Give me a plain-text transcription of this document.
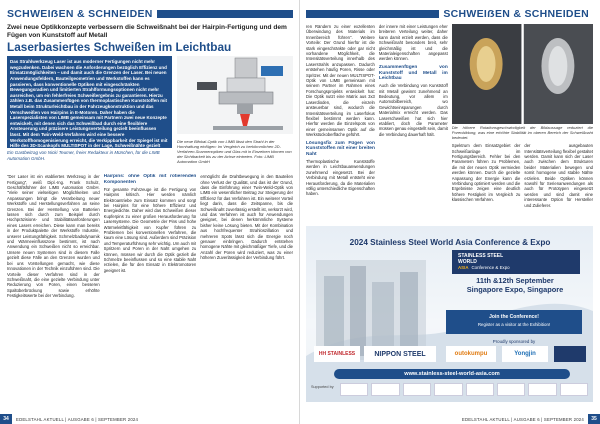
SCHWEIẞEN & SCHNEIDEN
Zwei neue Optikkonzepte verbessern die Schweißnaht bei der Hairpin-Fertigung und dem Fügen von Kunststoff auf Metall
Laserbasiertes Schweißen im Leichtbau
Das Strahlwerkzeug Laser ist aus moderner Fertigungen nicht mehr wegzudenken. Dabei wachsen die Anforderungen bezüglich Effizienz und Einsatzmöglichkeiten – und damit auch die Grenzen der Laser. Bei neuen Anwendungsfeldern, Bauteilgeometrien und Werkstoffen kann es passieren, dass konventionelle Optiken mit eingeschränkten Bewegungsradien und limitierten Strahlformungsoptionen nicht mehr ausreichen, um ein fehlerfreies Schweißergebnis zu garantieren. Hierzu zählen z.B. das Zusammenfügen von thermoplastischen Kunststoffen mit Metall beim Strukturleichtbau in der Fahrzeugkonstruktion und das Verschweißen von Hairpins in E-Motoren. Daher haben die Laserspezialisten von LIMB gemeinsam mit Partnern zwei neue Konzepte entwickelt, mit denen sich das Schweißbad durch eine flexiblere Ansteuerung und präzisere Leistungsverteilung gezielt beeinflussen lässt. Mit dem Twin-Weld-Verfahren wird eine bessere Werkstoffhomogenisierung erreicht, die Verkippbarkeit der Spiegel ist mit Hilfe des 3D-Scankopfs MULTISPOT in der Lage, Schweißnähte gezielt
Ein Gastbeitrag von Nicki Teumer, freier Redakteur in München, für die LIMB Automation GmbH.
Die neue Bifokal-Optik von LIMB lässt den Strahl in der Hornhaftung einfügen: Im Vergleich zu herkömmlichen 2D-Verfahren-Scannenopiken und Glas mit in Einzelnen können von der Sichtbarkeit bis zu der Achse eintreten. Foto: LIMB Automation GmbH
"Der Laser ist ein etabliertes Werkzeug in der Fertigung", weiß Dipl.-Ing. Frank Schulz, Geschäftsführer der LIMB Automation GmbH. "Viele seiner vielseitigen Möglichkeiten und Anpassungen bringt die Verarbeitung neuer Werkstoffe und Herstellungsverfahren an seine Grenzen. Bei der Herstellung von Batterien lassen sich durch zum Beispiel durch Hochpräzisions- und Stabilitätsanforderungen eines Lasers erreichen. Diese kann man bereits in der Produktpalette der Werkstoffe Industrie, unserer Leistungsfähigkeit. Schmelzbadsdynamik und Wärmeeinflusszone bestimmt, ist nach Anwendung ein Schweißen nicht so erreichbar. Unsere neuen Systemen sind in diesem Falle gezielt diese Fälle an den Grenzen wurden und bei uns Vorstellungen gemacht, wie diese Innovationen in der Technik einzuführen sind. Die Vorteile dieser Verfahren sind in der Schweißnaht, die eine gezielte Verbindung unter Reduzierung von Poren, einen besseren Spaltüberbrückung sowie erhöhte Festigkeitswerte bei der Verbindung.
Hairpins: ohne Optik mit rotierenden Komponenten
Für gesamte Fahrzeuge ist die Fertigung von Hairpins kritisch. Hier werden nämlich Elektroantriebe zum Einsatz kommen und sorgt bei Hairpins für eine höhere Effizienz und Energiedichte. Daher wird das Schweißen dieser Kupferpins zu einer großen Herausforderung für Lasersysteme. Die Geometrie der Pins und hohe Wärmeleitfähigkeit von Kupfer führen zu Problemen bei konventionellen Verfahren, die kaum eine Lösung sind. Außerdem sind Präzision und Temperaturführung sehr wichtig. Um auch mit Spritzern und Poren in der Naht umgehen zu können, müssen wir durch die Optik gezielt die Schmelze beeinflussen und so eine stabile Naht erzielen, die für den Einsatz in Elektromotoren geeignet ist.
ermöglicht die Drahtbewegung in den Bauteilen ohne Verlust der Qualität, und das ist der Grund, dass die Einführung einer Twin-Weld-Optik von LIMB ein wesentlicher Beitrag zur Steigerung der Effizienz für das Verfahren ist. Ein weiterer Vorteil liegt darin, dass die Zeitspanne, bis die Schweißnaht zuverlässig erstellt ist, verkürzt wird, und das Verfahren ist auch für Anwendungen geeignet, bei denen herkömmliche Systeme bisher keine Lösung bieten. Mit der Kombination aus hochfrequenter Strahloszillation und mehreren Spots lässt sich die Energie noch genauer einbringen. Dadurch entstehen homogene Nähte mit gleichmäßiger Tiefe, und die Anzahl der Poren wird reduziert, was zu einer höheren Zuverlässigkeit der Verbindung führt.
34	EDELSTAHL AKTUELL | AUSGABE 6 | SEPTEMBER 2024
SCHWEIẞEN & SCHNEIDEN
ren Rändern zu einer exzellenten Überwindung des Materials im Innenbereich führen". Weitere Vorteile: Der Grund hierfür ist die stark eingeschränkte oder gar nicht vorhandene Möglichkeit, die Intensitätsverteilung innerhalb des Laserstrahls anzupassen. Dadurch entstehen häufig Poren, Risse oder Spritzer. Mit der neuen MULTISPOT-Optik von LIMB gemeinsam mit seinem Partner im Rahmen eines Forschungsprojekts entwickelt hat: Die Optik nutzt eine Matrix aus 3x3 Laserdioden, die einzeln ansteuerbar sind, wodurch die Intensitätsverteilung im Laserfokus flexibel bestimmt werden kann. Hierfür werden die Einzelspots von einer gemeinsamen Optik auf die Werkstückoberfläche geführt.
Lösungsfix zum Fügen von Kunststoffen mit einer breiten Naht
Thermoplastische Kunststoffe werden in Leichtbauanwendungen zunehmend eingesetzt. Bei der Verbindung mit Metall entsteht eine Herausforderung, da die Materialien völlig unterschiedliche Eigenschaften haben.
der innere mit einer Leistungen eher breiteren Verteilung weiter, daher kann damit erzielt werden, dass die Schweißnaht besonders breit, sehr gleichmäßig ist und die Materialeigenschaften angepasst werden können.
Zusammenfügen von Kunststoff und Metall im Leichtbau
Auch die Verbindung von Kunststoff mit Metall gewinnt zunehmend an Bedeutung, vor allem im Automobilbereich, wo Gewichtseinsparungen durch Materialmix erreicht werden. Das Laserschweißen hat sich hier etabliert, doch die Parameter müssen genau eingestellt sein, damit die Verbindung dauerhaft hält.
Die höhere Rotationsgeschwindigkeit der Bildaussage reduziert die Porenbildung, was eine erhöhte Stabilität im oberen Bereich der Schweißnaht bedeutet.
Spektrum dem Einsatzgebiet der Schweißanlage im Fertigungsbereich. Fehler bei den Parametern führen zu Problemen, die mit der neuen Optik vermieden werden können. Durch die gezielte Anpassung der Energie kann die Verbindung optimiert werden und die Ergebnisse zeigen eine deutlich höhere Festigkeit im Vergleich zu klassischen Verfahren.
der ausgebauten Intensitätsverteilung flexibel gestaltet werden. Damit kann sich der Laser auch zwischen dem Strukturen beider Materialien bewegen und somit homogene und stabile Nähte erzielen. Beide Optiken können sowohl für Serienanwendungen als auch für Prototypen eingesetzt werden und sind damit eine interessante Option für Hersteller und Zulieferer.
EDELSTAHL AKTUELL | AUSGABE 6 | SEPTEMBER 2024	35
2024 Stainless Steel World Asia Conference & Expo
STAINLESS STEEL
WORLD
ASIA Conference & Expo
11th &12th September
Singapore Expo, Singapore
Join the Conference!
Register as a visitor at the Exhibition!
Proudly sponsored by
HH STAINLESS	NIPPON STEEL	outokumpu	Yongjin
www.stainless-steel-world-asia.com
Supported by
